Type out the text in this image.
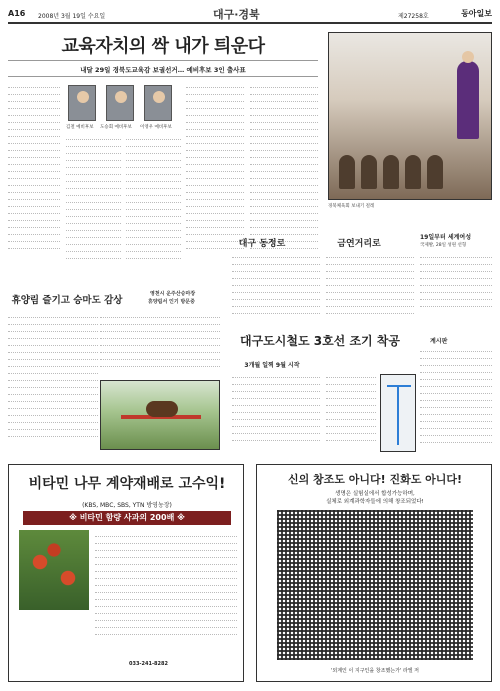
A16 2008년 3월 19일 수요일	대구·경북	제27258호	동아일보
교육자치의 싹 내가 틔운다
내달 29일 경북도교육감 보궐선거… 예비후보 3인 출사표
김철 예비후보 도승회 예비후보 이영우 예비후보
경북체육회 보내기 걸레
19일부터 세계여성
국제발, 28일 성원 선형
계시판
대구 동정로	금연거리로
대구도시철도 3호선 조기 착공
3개월 일찍 9월 시작
휴양림 즐기고 승마도 감상
영천시 운주산승마장
휴양림서 인기 방문중
비타민 나무 계약재배로 고수익!
(KBS, MBC, SBS, YTN 방영농장)
※ 비타민 함량 사과의 200배 ※
033-241-8282
신의 창조도 아니다! 진화도 아니다!
생명은 실험실에서 합성가능하며,
실체로 외계과학자들에 의해 창조되었다!
'외계인 이 지구인을 창조했는가' 라엘 저
